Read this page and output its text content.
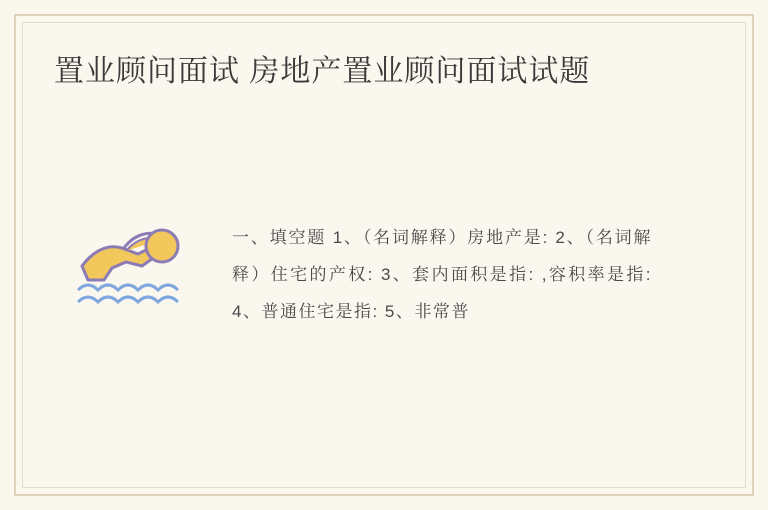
置业顾问面试 房地产置业顾问面试试题

一、填空题 1、（名词解释）房地产是: 2、（名词解释）住宅的产权: 3、套内面积是指: ,容积率是指: 4、普通住宅是指: 5、非常普
